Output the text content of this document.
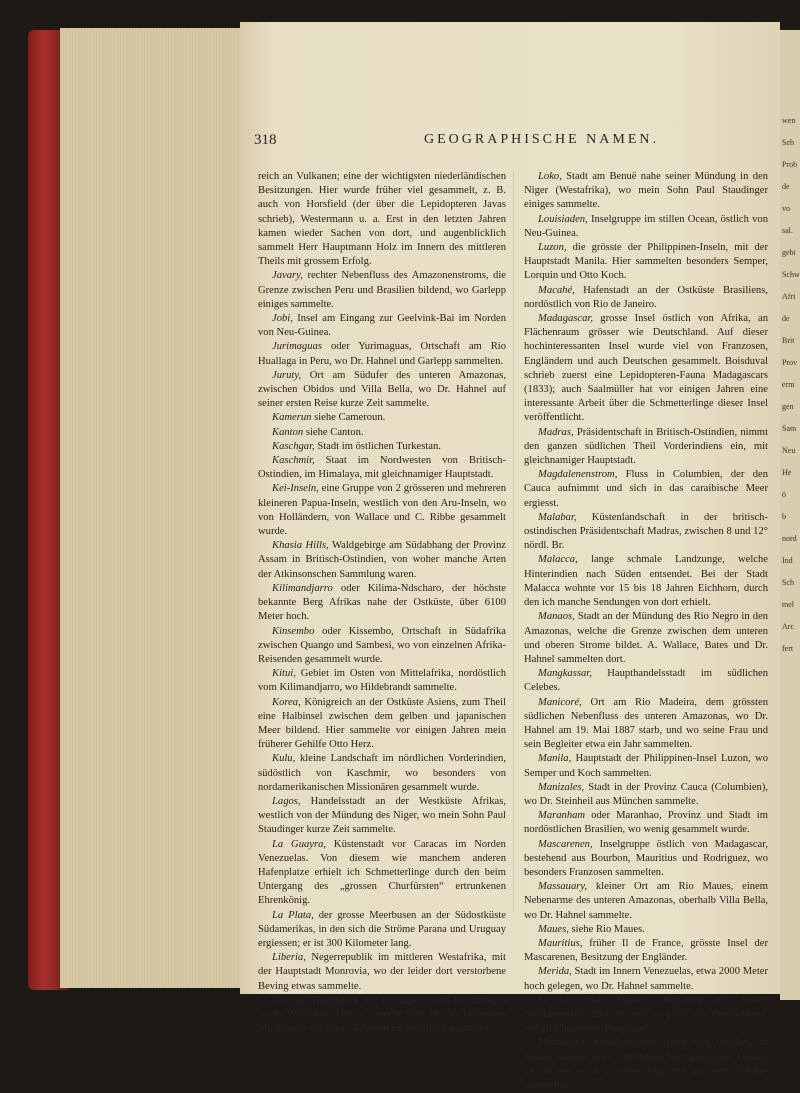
wen
Seh
Prob
de
vo
sal.
gebi
Schw
Afri
de
Brit
Prov
erm
gen
Sam
Neu
He
ö
b
nord
Ind
Sch
mel
Arc
fert
318	GEOGRAPHISCHE NAMEN.
reich an Vulkanen; eine der wichtigsten niederländischen Besitzungen. Hier wurde früher viel gesammelt, z. B. auch von Horsfield (der über die Lepidopteren Javas schrieb), Westermann u. a. Erst in den letzten Jahren kamen wieder Sachen von dort, und augenblicklich sammelt Herr Hauptmann Holz im Innern des mittleren Theils mit grossem Erfolg.
Javary, rechter Nebenfluss des Amazonenstroms, die Grenze zwischen Peru und Brasilien bildend, wo Garlepp einiges sammelte.
Jobi, Insel am Eingang zur Geelvink-Bai im Norden von Neu-Guinea.
Jurimaguas oder Yurimaguas, Ortschaft am Rio Huallaga in Peru, wo Dr. Hahnel und Garlepp sammelten.
Juruty, Ort am Südufer des unteren Amazonas, zwischen Obidos und Villa Bella, wo Dr. Hahnel auf seiner ersten Reise kurze Zeit sammelte.
Kamerun siehe Cameroun.
Kanton siehe Canton.
Kaschgar, Stadt im östlichen Turkestan.
Kaschmir, Staat im Nordwesten von Britisch-Ostindien, im Himalaya, mit gleichnamiger Hauptstadt.
Kei-Inseln, eine Gruppe von 2 grösseren und mehreren kleineren Papua-Inseln, westlich von den Aru-Inseln, wo von Holländern, von Wallace und C. Ribbe gesammelt wurde.
Khasia Hills, Waldgebirge am Südabhang der Provinz Assam in Britisch-Ostindien, von woher manche Arten der Atkinsonschen Sammlung waren.
Kilimandjarro oder Kilima-Ndscharo, der höchste bekannte Berg Afrikas nahe der Ostküste, über 6100 Meter hoch.
Kinsembo oder Kissembo, Ortschaft in Südafrika zwischen Quango und Sambesi, wo von einzelnen Afrika-Reisenden gesammelt wurde.
Kitui, Gebiet im Osten von Mittelafrika, nordöstlich vom Kilimandjarro, wo Hildebrandt sammelte.
Korea, Königreich an der Ostküste Asiens, zum Theil eine Halbinsel zwischen dem gelben und japanischen Meer bildend. Hier sammelte vor einigen Jahren mein früherer Gehilfe Otto Herz.
Kulu, kleine Landschaft im nördlichen Vorderindien, südöstlich von Kaschmir, wo besonders von nordamerikanischen Missionären gesammelt wurde.
Lagos, Handelsstadt an der Westküste Afrikas, westlich von der Mündung des Niger, wo mein Sohn Paul Staudinger kurze Zeit sammelte.
La Guayra, Küstenstadt vor Caracas im Norden Venezuelas. Von diesem wie manchem anderen Hafenplatze erhielt ich Schmetterlinge durch den beim Untergang des „grossen Churfürsten“ ertrunkenen Ehrenkönig.
La Plata, der grosse Meerbusen an der Südostküste Südamerikas, in den sich die Ströme Parana und Uruguay ergiessen; er ist 300 Kilometer lang.
Liberia, Negerrepublik im mittleren Westafrika, mit der Hauptstadt Monrovia, wo der leider dort verstorbene Beving etwas sammelte.
Loanda, Hauptstadt der portugiesischen Besitzungen an der Westküste Afrikas, unter 9° südl. Br., wo besonders Mr. Rogers vor etwa 14 Jahren für Hewitson sammelte.
Loko, Stadt am Benuë nahe seiner Mündung in den Niger (Westafrika), wo mein Sohn Paul Staudinger einiges sammelte.
Louisiaden, Inselgruppe im stillen Ocean, östlich von Neu-Guinea.
Luzon, die grösste der Philippinen-Inseln, mit der Hauptstadt Manila. Hier sammelten besonders Semper, Lorquin und Otto Koch.
Macahé, Hafenstadt an der Ostküste Brasiliens, nordöstlich von Rio de Janeiro.
Madagascar, grosse Insel östlich von Afrika, an Flächenraum grösser wie Deutschland. Auf dieser hochinteressanten Insel wurde viel von Franzosen, Engländern und auch Deutschen gesammelt. Boisduval schrieb zuerst eine Lepidopteren-Fauna Madagascars (1833); auch Saalmüller hat vor einigen Jahren eine interessante Arbeit über die Schmetterlinge dieser Insel veröffentlicht.
Madras, Präsidentschaft in Britisch-Ostindien, nimmt den ganzen südlichen Theil Vorderindiens ein, mit gleichnamiger Hauptstadt.
Magdalenenstrom, Fluss in Columbien, der den Cauca aufnimmt und sich in das caraibische Meer ergiesst.
Malabar, Küstenlandschaft in der britisch-ostindischen Präsidentschaft Madras, zwischen 8 und 12° nördl. Br.
Malacca, lange schmale Landzunge, welche Hinterindien nach Süden entsendet. Bei der Stadt Malacca wohnte vor 15 bis 18 Jahren Eichhorn, durch den ich manche Sendungen von dort erhielt.
Manaos, Stadt an der Mündung des Rio Negro in den Amazonas, welche die Grenze zwischen dem unteren und oberen Strome bildet. A. Wallace, Bates und Dr. Hahnel sammelten dort.
Mangkassar, Haupthandelsstadt im südlichen Celebes.
Manicoré, Ort am Rio Madeira, dem grössten südlichen Nebenfluss des unteren Amazonas, wo Dr. Hahnel am 19. Mai 1887 starb, und wo seine Frau und sein Begleiter etwa ein Jahr sammelten.
Manila, Hauptstadt der Philippinen-Insel Luzon, wo Semper und Koch sammelten.
Manizales, Stadt in der Provinz Cauca (Columbien), wo Dr. Steinheil aus München sammelte.
Maranham oder Maranhao, Provinz und Stadt im nordöstlichen Brasilien, wo wenig gesammelt wurde.
Mascarenen, Inselgruppe östlich von Madagascar, bestehend aus Bourbon, Mauritius und Rodriguez, wo besonders Franzosen sammelten.
Massauary, kleiner Ort am Rio Maues, einem Nebenarme des unteren Amazonas, oberhalb Villa Bella, wo Dr. Hahnel sammelte.
Maues, siehe Rio Maues.
Mauritius, früher Il de France, grösste Insel der Mascarenen, Besitzung der Engländer.
Merida, Stadt im Innern Venezuelas, etwa 2000 Meter hoch gelegen, wo Dr. Hahnel sammelte.
Mexiko oder Mejiko, Republik im Süden Nordamerikas, über 3½ mal so gross wie Deutschland, mit gleichnamiger Hauptstadt.
Minahassa, nordöstlichster Theil von Celebes, in dessen inneren, etwa 1000 Meter hoch gelegenen Theilen Dr. Platen etwa 2 Jahre lang mit grossem Erfolge sammelte.
